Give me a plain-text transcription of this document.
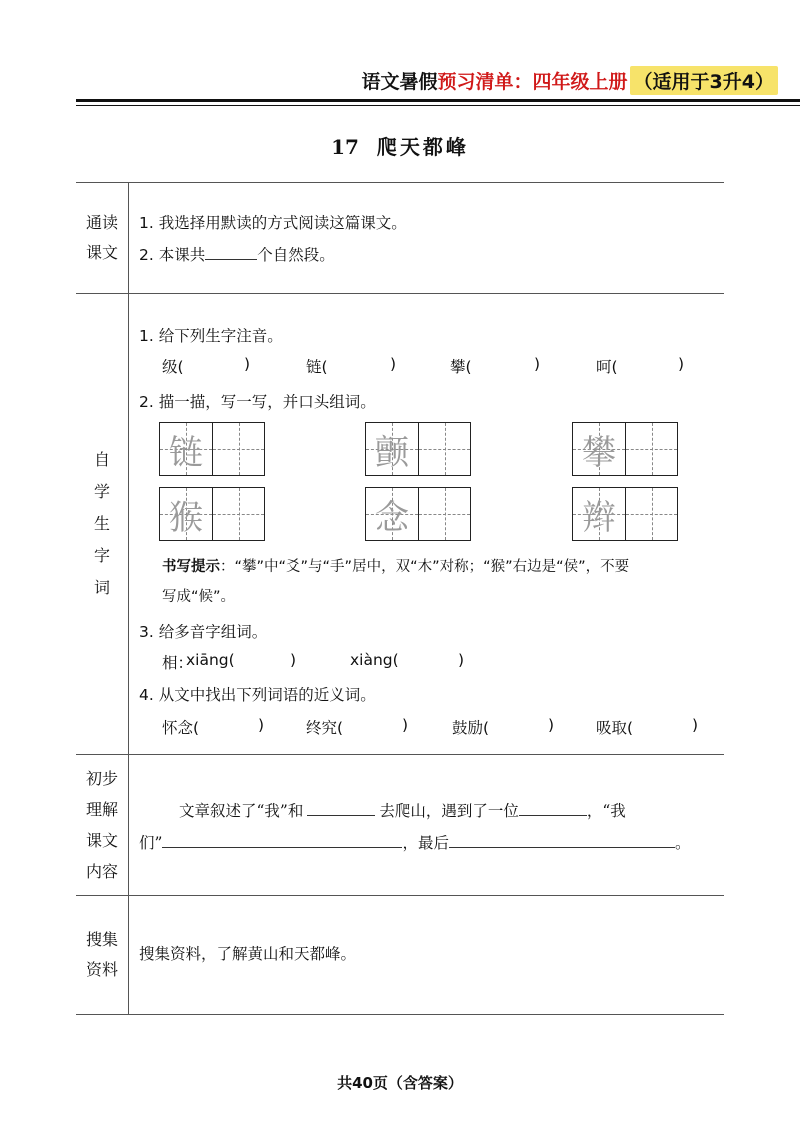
语文暑假 预习清单：四年级上册 （适用于3升4）
17 爬天都峰
通读
课文
1. 我选择用默读的方式阅读这篇课文。
2. 本课共	个自然段。
自
学
生
字
词
1. 给下列生字注音。
级(	)	链(	)	攀(	)	呵(	)
2. 描一描，写一写，并口头组词。
链	颤	攀
猴	念	辫
书写提示：“攀”中“爻”与“手”居中，双“木”对称；“猴”右边是“侯”，不要
写成“候”。
3. 给多音字组词。
相：
xiāng(	)	xiàng(	)
4. 从文中找出下列词语的近义词。
怀念(	)	终究(	)	鼓励(	)	吸取(	)
初步
理解
课文
内容
文章叙述了“我”和	去爬山，遇到了一位	，“我
们”	，最后	。
搜集
资料
搜集资料，了解黄山和天都峰。
共40页（含答案）
